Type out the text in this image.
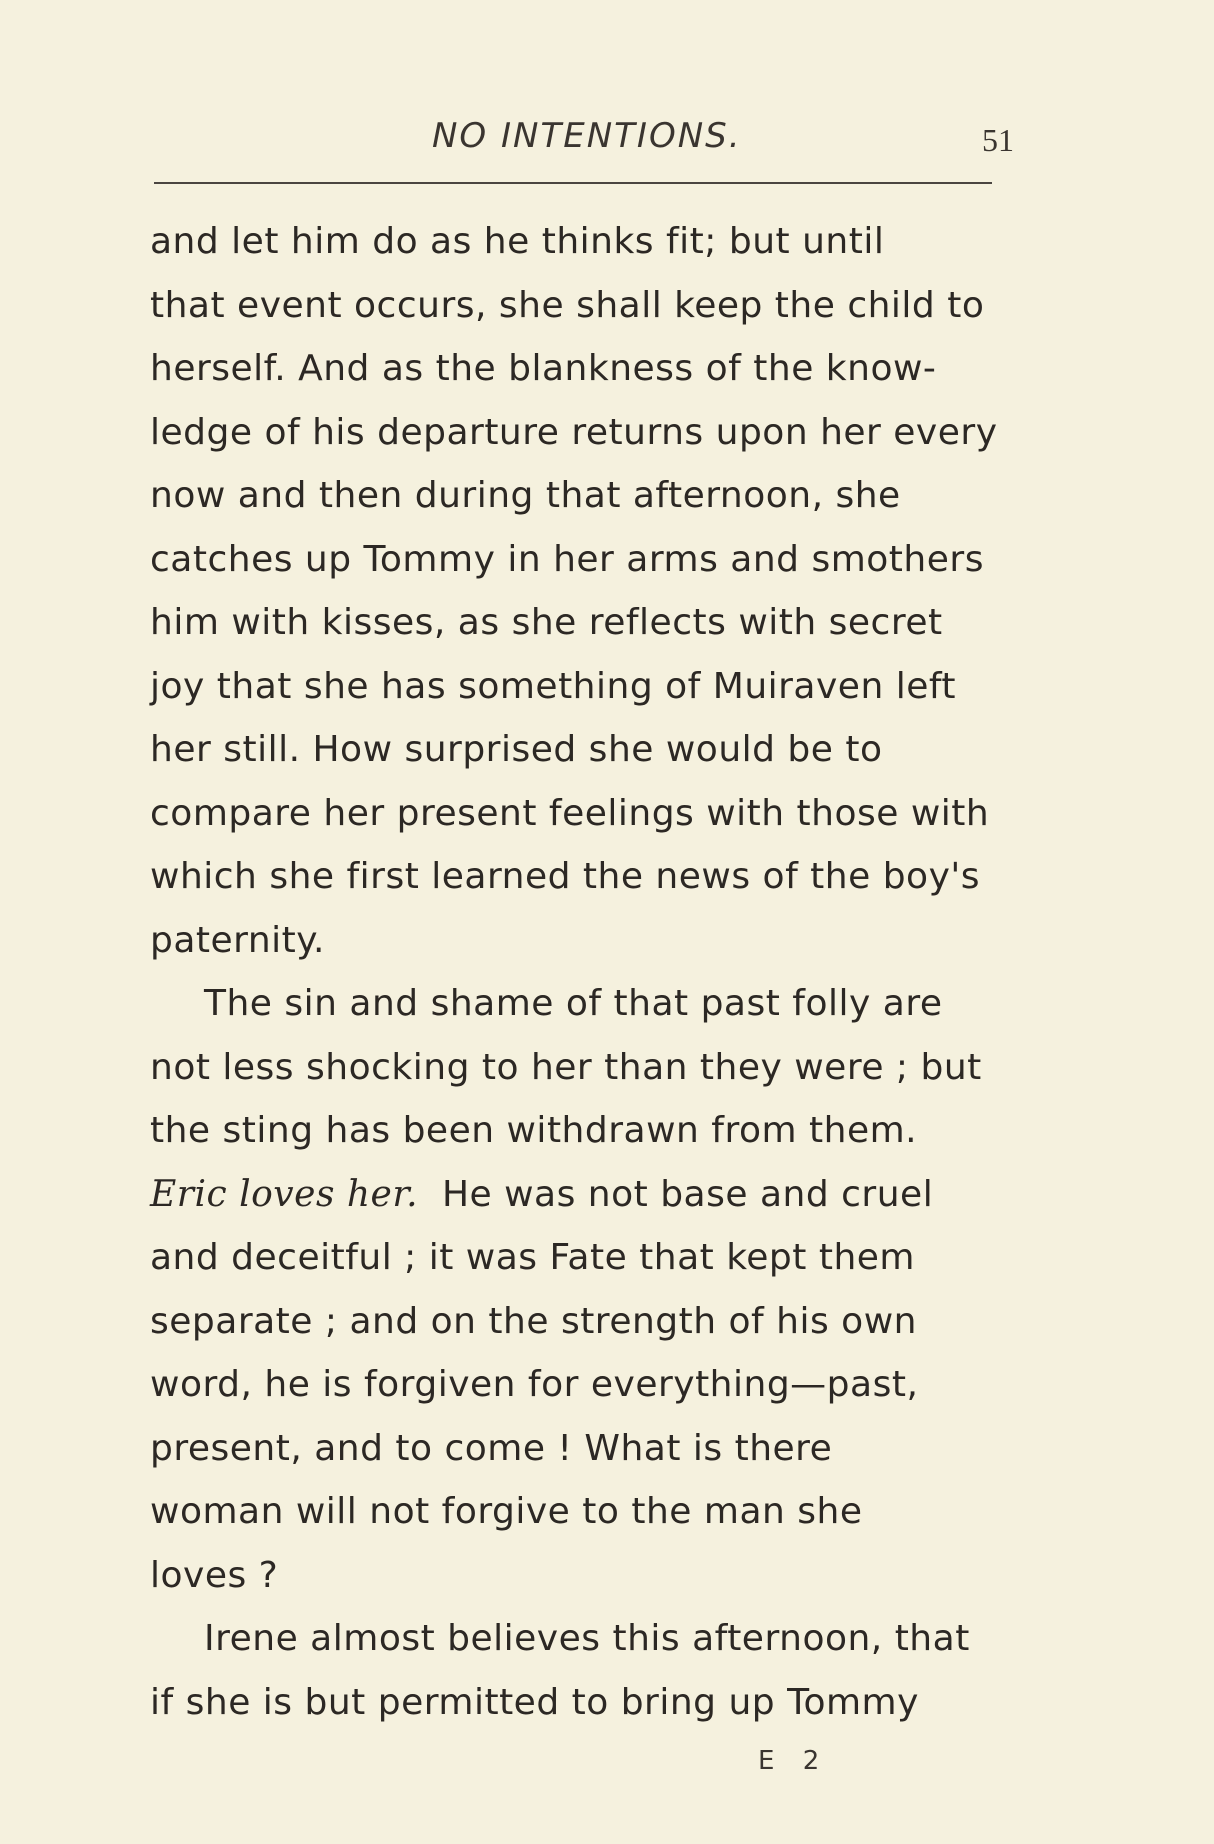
NO INTENTIONS.	51
and let him do as he thinks fit; but until
that event occurs, she shall keep the child to
herself. And as the blankness of the know-
ledge of his departure returns upon her every
now and then during that afternoon, she
catches up Tommy in her arms and smothers
him with kisses, as she reflects with secret
joy that she has something of Muiraven left
her still. How surprised she would be to
compare her present feelings with those with
which she first learned the news of the boy's
paternity.
The sin and shame of that past folly are
not less shocking to her than they were ; but
the sting has been withdrawn from them.
Eric loves her. He was not base and cruel
and deceitful ; it was Fate that kept them
separate ; and on the strength of his own
word, he is forgiven for everything—past,
present, and to come ! What is there
woman will not forgive to the man she
loves ?
Irene almost believes this afternoon, that
if she is but permitted to bring up Tommy
E 2
